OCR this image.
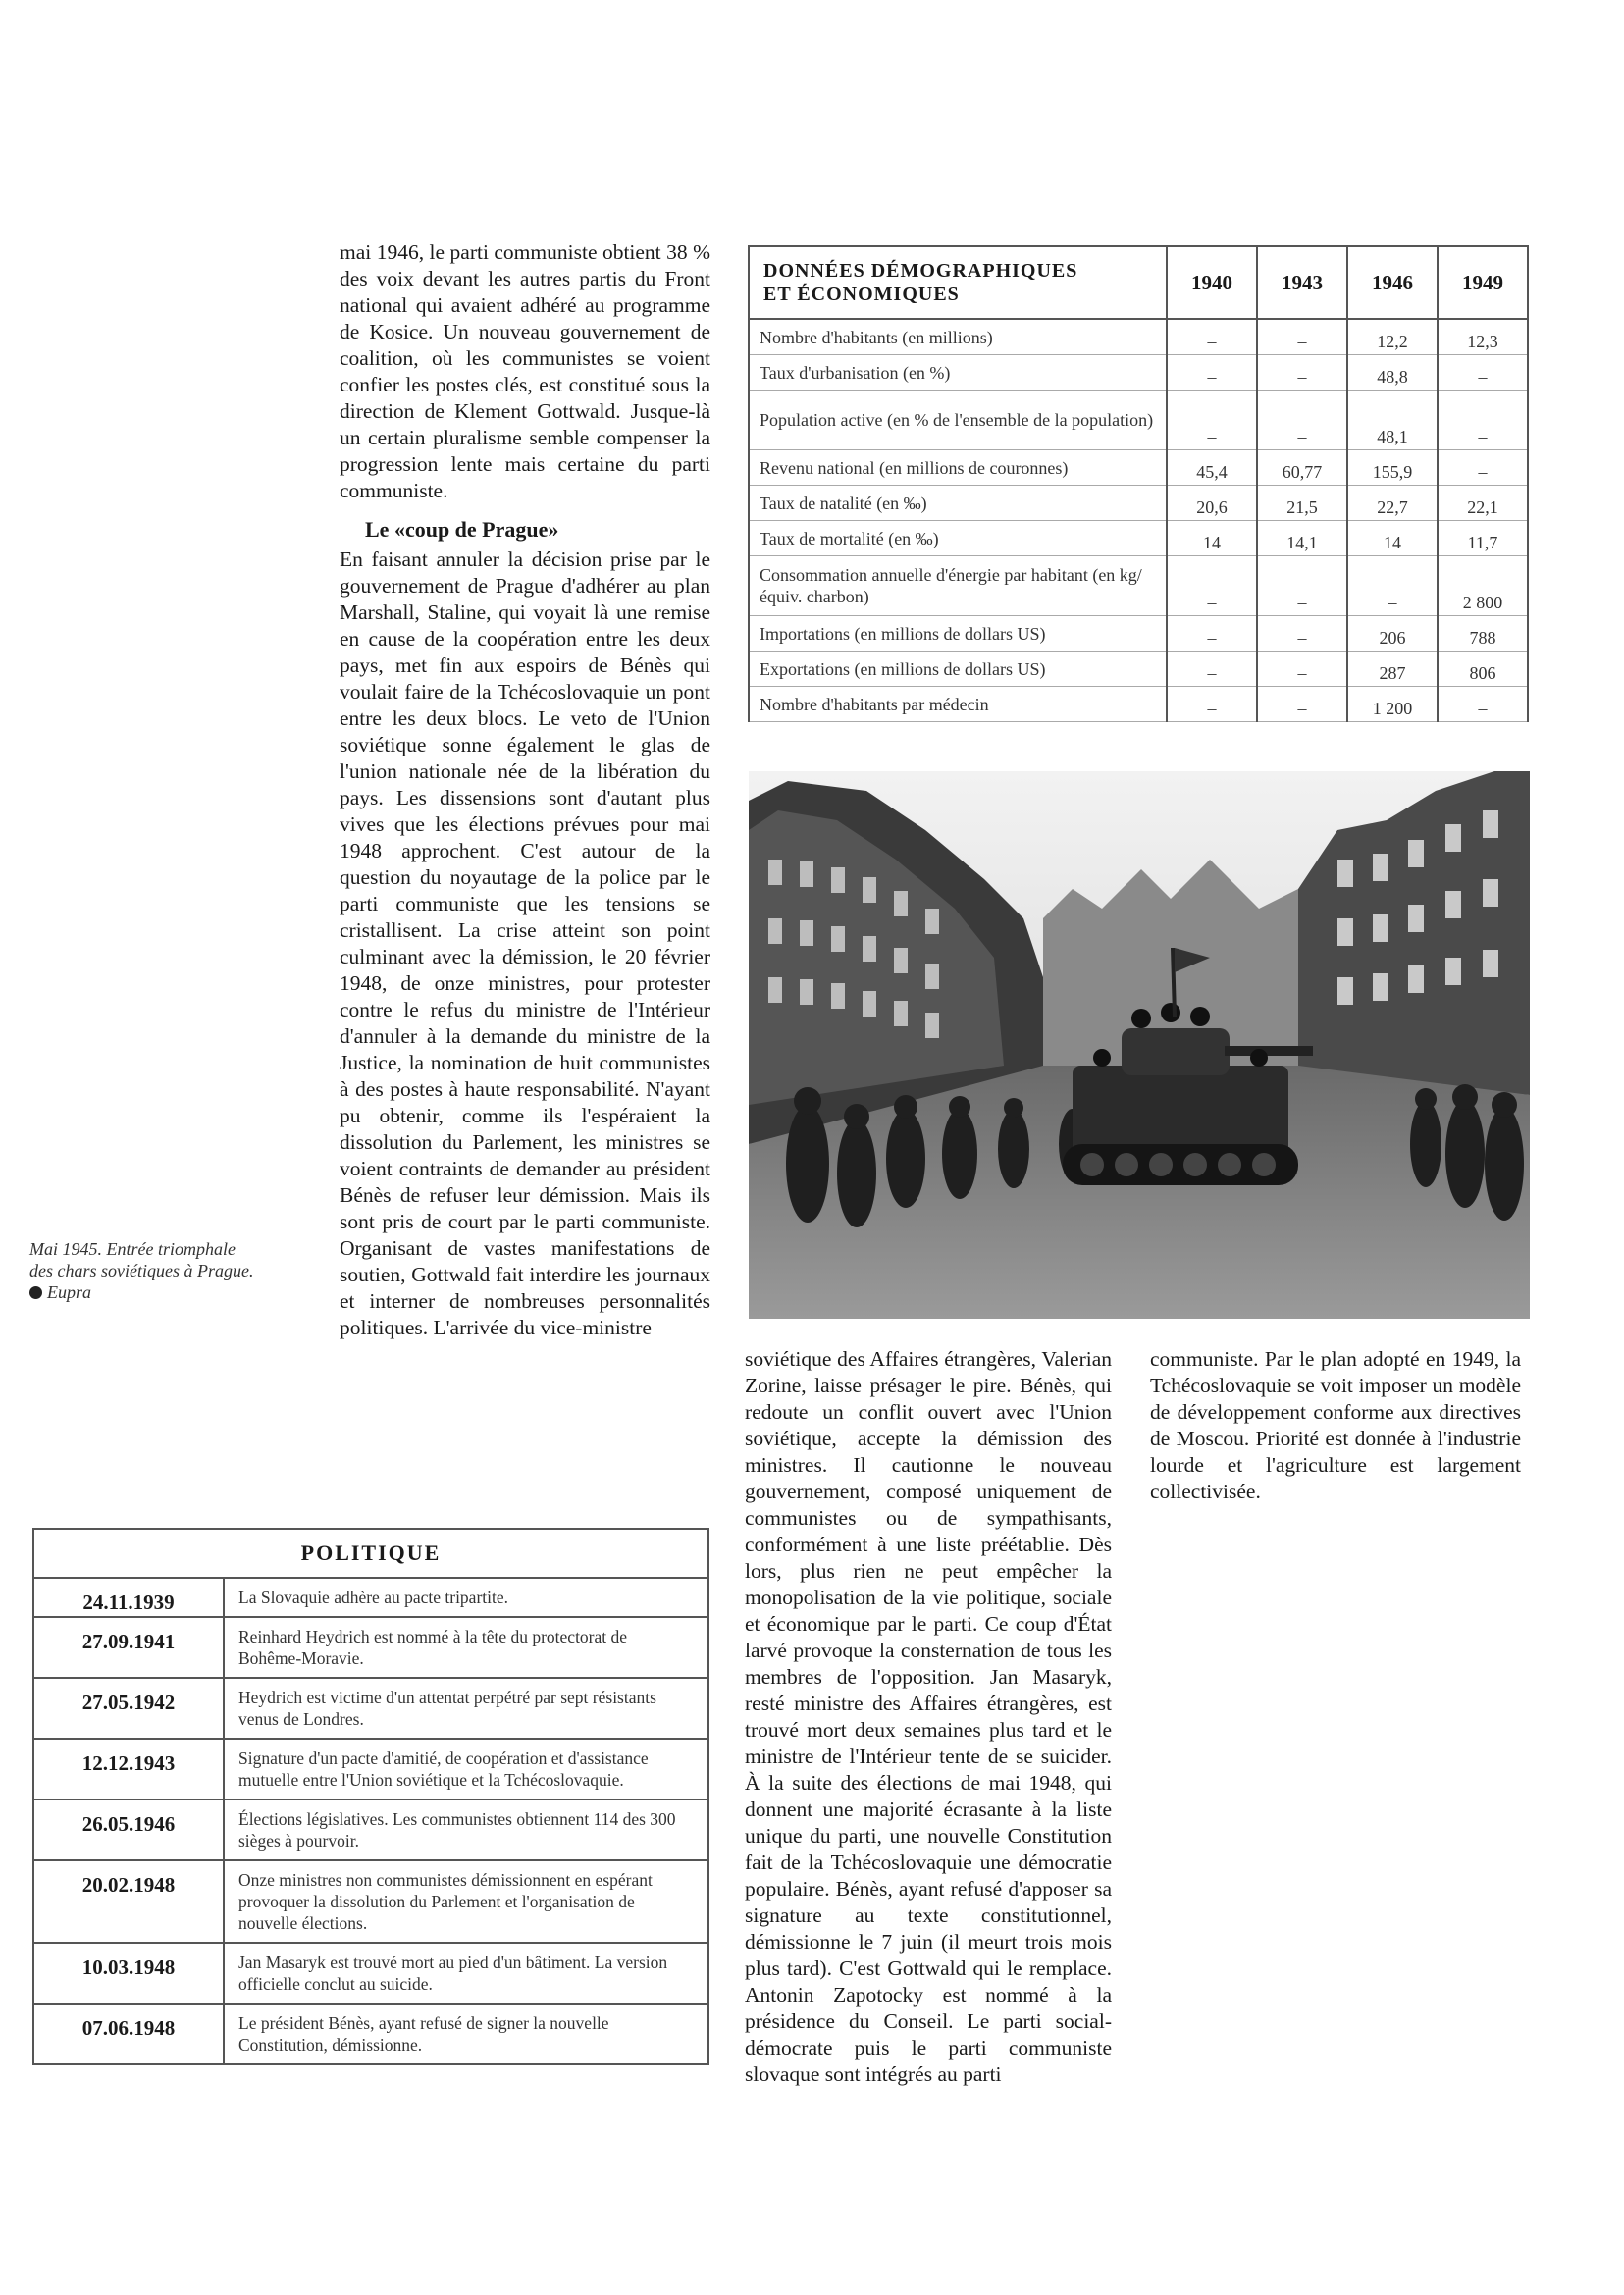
mai 1946, le parti communiste obtient 38 % des voix devant les autres partis du Front national qui avaient adhéré au programme de Kosice. Un nouveau gouvernement de coalition, où les communistes se voient confier les postes clés, est constitué sous la direction de Klement Gottwald. Jusque-là un certain pluralisme semble compenser la progression lente mais certaine du parti communiste.

Le «coup de Prague»

En faisant annuler la décision prise par le gouvernement de Prague d'adhérer au plan Marshall, Staline, qui voyait là une remise en cause de la coopération entre les deux pays, met fin aux espoirs de Bénès qui voulait faire de la Tchécoslovaquie un pont entre les deux blocs. Le veto de l'Union soviétique sonne également le glas de l'union nationale née de la libération du pays. Les dissensions sont d'autant plus vives que les élections prévues pour mai 1948 approchent. C'est autour de la question du noyautage de la police par le parti communiste que les tensions se cristallisent. La crise atteint son point culminant avec la démission, le 20 février 1948, de onze ministres, pour protester contre le refus du ministre de l'Intérieur d'annuler à la demande du ministre de la Justice, la nomination de huit communistes à des postes à haute responsabilité. N'ayant pu obtenir, comme ils l'espéraient la dissolution du Parlement, les ministres se voient contraints de demander au président Bénès de refuser leur démission. Mais ils sont pris de court par le parti communiste. Organisant de vastes manifestations de soutien, Gottwald fait interdire les journaux et interner de nombreuses personnalités politiques. L'arrivée du vice-ministre

Mai 1945. Entrée triomphale
des chars soviétiques à Prague.
Eupra
DONNÉES DÉMOGRAPHIQUES
ET ÉCONOMIQUES	1940	1943	1946	1949
Nombre d'habitants (en millions)	–	–	12,2	12,3
Taux d'urbanisation (en %)	–	–	48,8	–
Population active (en % de l'ensemble de la population)	–	–	48,1	–
Revenu national (en millions de couronnes)	45,4	60,77	155,9	–
Taux de natalité (en ‰)	20,6	21,5	22,7	22,1
Taux de mortalité (en ‰)	14	14,1	14	11,7
Consommation annuelle d'énergie par habitant (en kg/équiv. charbon)	–	–	–	2 800
Importations (en millions de dollars US)	–	–	206	788
Exportations (en millions de dollars US)	–	–	287	806
Nombre d'habitants par médecin	–	–	1 200	–

soviétique des Affaires étrangères, Valerian Zorine, laisse présager le pire. Bénès, qui redoute un conflit ouvert avec l'Union soviétique, accepte la démission des ministres. Il cautionne le nouveau gouvernement, composé uniquement de communistes ou de sympathisants, conformément à une liste préétablie. Dès lors, plus rien ne peut empêcher la monopolisation de la vie politique, sociale et économique par le parti. Ce coup d'État larvé provoque la consternation de tous les membres de l'opposition. Jan Masaryk, resté ministre des Affaires étrangères, est trouvé mort deux semaines plus tard et le ministre de l'Intérieur tente de se suicider. À la suite des élections de mai 1948, qui donnent une majorité écrasante à la liste unique du parti, une nouvelle Constitution fait de la Tchécoslovaquie une démocratie populaire. Bénès, ayant refusé d'apposer sa signature au texte constitutionnel, démissionne le 7 juin (il meurt trois mois plus tard). C'est Gottwald qui le remplace. Antonin Zapotocky est nommé à la présidence du Conseil. Le parti social-démocrate puis le parti communiste slovaque sont intégrés au parti

communiste. Par le plan adopté en 1949, la Tchécoslovaquie se voit imposer un modèle de développement conforme aux directives de Moscou. Priorité est donnée à l'industrie lourde et l'agriculture est largement collectivisée.

POLITIQUE	
24.11.1939	La Slovaquie adhère au pacte tripartite.
27.09.1941	Reinhard Heydrich est nommé à la tête du protectorat de Bohême-Moravie.
27.05.1942	Heydrich est victime d'un attentat perpétré par sept résistants venus de Londres.
12.12.1943	Signature d'un pacte d'amitié, de coopération et d'assistance mutuelle entre l'Union soviétique et la Tchécoslovaquie.
26.05.1946	Élections législatives. Les communistes obtiennent 114 des 300 sièges à pourvoir.
20.02.1948	Onze ministres non communistes démissionnent en espérant provoquer la dissolution du Parlement et l'organisation de nouvelle élections.
10.03.1948	Jan Masaryk est trouvé mort au pied d'un bâtiment. La version officielle conclut au suicide.
07.06.1948	Le président Bénès, ayant refusé de signer la nouvelle Constitution, démissionne.
